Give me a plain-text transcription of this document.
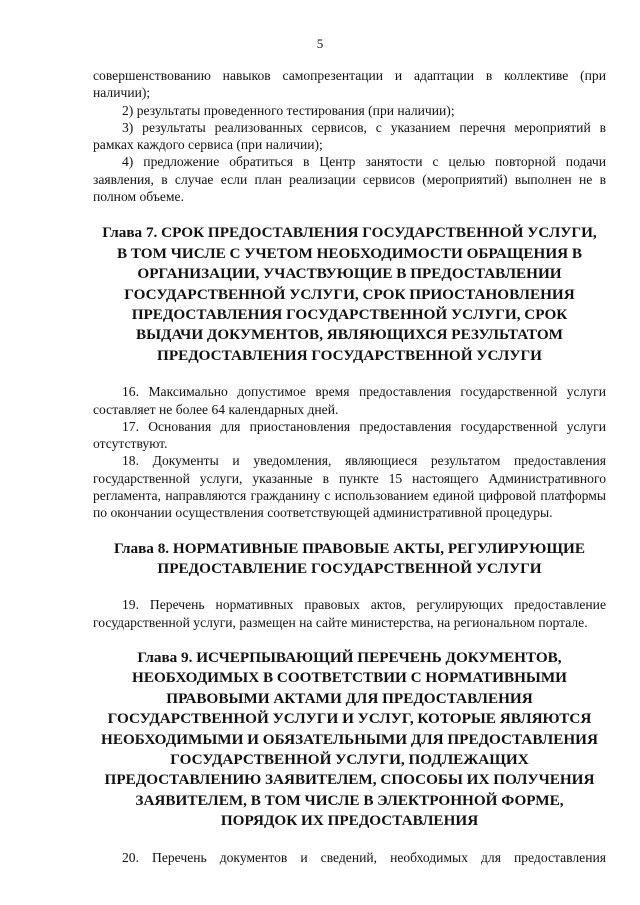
5

совершенствованию навыков самопрезентации и адаптации в коллективе (при наличии);

2) результаты проведенного тестирования (при наличии);

3) результаты реализованных сервисов, с указанием перечня мероприятий в рамках каждого сервиса (при наличии);

4) предложение обратиться в Центр занятости с целью повторной подачи заявления, в случае если план реализации сервисов (мероприятий) выполнен не в полном объеме.

Глава 7. СРОК ПРЕДОСТАВЛЕНИЯ ГОСУДАРСТВЕННОЙ УСЛУГИ, В ТОМ ЧИСЛЕ С УЧЕТОМ НЕОБХОДИМОСТИ ОБРАЩЕНИЯ В ОРГАНИЗАЦИИ, УЧАСТВУЮЩИЕ В ПРЕДОСТАВЛЕНИИ ГОСУДАРСТВЕННОЙ УСЛУГИ, СРОК ПРИОСТАНОВЛЕНИЯ ПРЕДОСТАВЛЕНИЯ ГОСУДАРСТВЕННОЙ УСЛУГИ, СРОК ВЫДАЧИ ДОКУМЕНТОВ, ЯВЛЯЮЩИХСЯ РЕЗУЛЬТАТОМ ПРЕДОСТАВЛЕНИЯ ГОСУДАРСТВЕННОЙ УСЛУГИ

16. Максимально допустимое время предоставления государственной услуги составляет не более 64 календарных дней.

17. Основания для приостановления предоставления государственной услуги отсутствуют.

18. Документы и уведомления, являющиеся результатом предоставления государственной услуги, указанные в пункте 15 настоящего Административного регламента, направляются гражданину с использованием единой цифровой платформы по окончании осуществления соответствующей административной процедуры.

Глава 8. НОРМАТИВНЫЕ ПРАВОВЫЕ АКТЫ, РЕГУЛИРУЮЩИЕ ПРЕДОСТАВЛЕНИЕ ГОСУДАРСТВЕННОЙ УСЛУГИ

19. Перечень нормативных правовых актов, регулирующих предоставление государственной услуги, размещен на сайте министерства, на региональном портале.

Глава 9. ИСЧЕРПЫВАЮЩИЙ ПЕРЕЧЕНЬ ДОКУМЕНТОВ, НЕОБХОДИМЫХ В СООТВЕТСТВИИ С НОРМАТИВНЫМИ ПРАВОВЫМИ АКТАМИ ДЛЯ ПРЕДОСТАВЛЕНИЯ ГОСУДАРСТВЕННОЙ УСЛУГИ И УСЛУГ, КОТОРЫЕ ЯВЛЯЮТСЯ НЕОБХОДИМЫМИ И ОБЯЗАТЕЛЬНЫМИ ДЛЯ ПРЕДОСТАВЛЕНИЯ ГОСУДАРСТВЕННОЙ УСЛУГИ, ПОДЛЕЖАЩИХ ПРЕДОСТАВЛЕНИЮ ЗАЯВИТЕЛЕМ, СПОСОБЫ ИХ ПОЛУЧЕНИЯ ЗАЯВИТЕЛЕМ, В ТОМ ЧИСЛЕ В ЭЛЕКТРОННОЙ ФОРМЕ, ПОРЯДОК ИХ ПРЕДОСТАВЛЕНИЯ

20. Перечень документов и сведений, необходимых для предоставления
